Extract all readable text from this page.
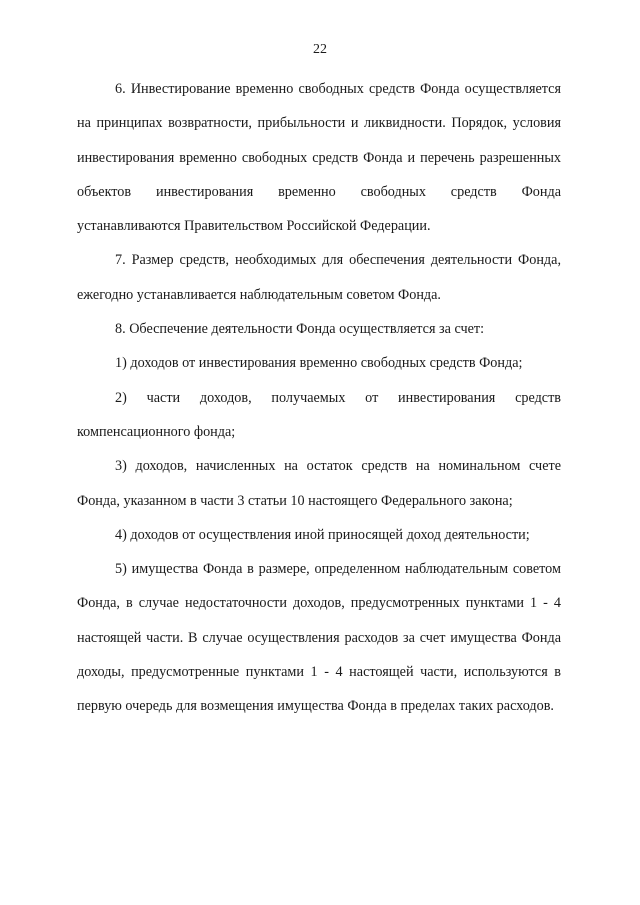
22

6. Инвестирование временно свободных средств Фонда осуществляется на принципах возвратности, прибыльности и ликвидности. Порядок, условия инвестирования временно свободных средств Фонда и перечень разрешенных объектов инвестирования временно свободных средств Фонда устанавливаются Правительством Российской Федерации.

7. Размер средств, необходимых для обеспечения деятельности Фонда, ежегодно устанавливается наблюдательным советом Фонда.

8. Обеспечение деятельности Фонда осуществляется за счет:

1) доходов от инвестирования временно свободных средств Фонда;

2) части доходов, получаемых от инвестирования средств компенсационного фонда;

3) доходов, начисленных на остаток средств на номинальном счете Фонда, указанном в части 3 статьи 10 настоящего Федерального закона;

4) доходов от осуществления иной приносящей доход деятельности;

5) имущества Фонда в размере, определенном наблюдательным советом Фонда, в случае недостаточности доходов, предусмотренных пунктами 1 - 4 настоящей части. В случае осуществления расходов за счет имущества Фонда доходы, предусмотренные пунктами 1 - 4 настоящей части, используются в первую очередь для возмещения имущества Фонда в пределах таких расходов.
